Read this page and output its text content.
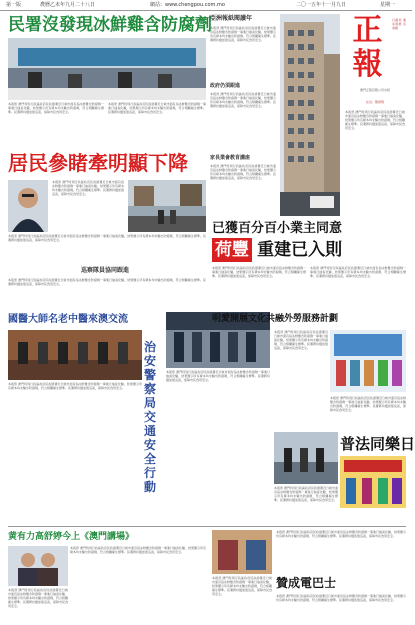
第一版	農曆乙未年九月二十八日	網站：www.chengpou.com.mo	二〇一五年十一月九日	星期一
民署沒發現冰鮮雞含防腐劑
本報訊 澳門特別行政區政府民政總署近日就市面有指冰鮮雞含防腐劑一事進行抽查化驗，結果顯示所有樣本均未驗出防腐劑，符合相關衛生標準。民署將持續加強巡查，保障市民食用安全。
本報訊 澳門特別行政區政府民政總署近日就市面有指冰鮮雞含防腐劑一事進行抽查化驗，結果顯示所有樣本均未驗出防腐劑，符合相關衛生標準。民署將持續加強巡查，保障市民食用安全。
亞洲報紙閱讀年
本報訊 澳門特別行政區政府民政總署近日就市面有指冰鮮雞含防腐劑一事進行抽查化驗，結果顯示所有樣本均未驗出防腐劑，符合相關衛生標準。民署將持續加強巡查，保障市民食用安全。
政府仍須跟進
本報訊 澳門特別行政區政府民政總署近日就市面有指冰鮮雞含防腐劑一事進行抽查化驗，結果顯示所有樣本均未驗出防腐劑，符合相關衛生標準。民署將持續加強巡查，保障市民食用安全。
家長業會教育講座
本報訊 澳門特別行政區政府民政總署近日就市面有指冰鮮雞含防腐劑一事進行抽查化驗，結果顯示所有樣本均未驗出防腐劑，符合相關衛生標準。民署將持續加強巡查，保障市民食用安全。
正
報
以創造 進步發展 有承擔
澳門正報有限公司出版
社長：陳發明
本報訊 澳門特別行政區政府民政總署近日就市面有指冰鮮雞含防腐劑一事進行抽查化驗，結果顯示所有樣本均未驗出防腐劑，符合相關衛生標準。民署將持續加強巡查，保障市民食用安全。
居民參睹牽明顯下降
本報訊 澳門特別行政區政府民政總署近日就市面有指冰鮮雞含防腐劑一事進行抽查化驗，結果顯示所有樣本均未驗出防腐劑，符合相關衛生標準。民署將持續加強巡查，保障市民食用安全。
本報訊 澳門特別行政區政府民政總署近日就市面有指冰鮮雞含防腐劑一事進行抽查化驗，結果顯示所有樣本均未驗出防腐劑，符合相關衛生標準。民署將持續加強巡查，保障市民食用安全。
巡察隊員協同跟進
本報訊 澳門特別行政區政府民政總署近日就市面有指冰鮮雞含防腐劑一事進行抽查化驗，結果顯示所有樣本均未驗出防腐劑，符合相關衛生標準。民署將持續加強巡查，保障市民食用安全。
已獲百分百小業主同意
荷豐 重建已入則
本報訊 澳門特別行政區政府民政總署近日就市面有指冰鮮雞含防腐劑一事進行抽查化驗，結果顯示所有樣本均未驗出防腐劑，符合相關衛生標準。民署將持續加強巡查，保障市民食用安全。
本報訊 澳門特別行政區政府民政總署近日就市面有指冰鮮雞含防腐劑一事進行抽查化驗，結果顯示所有樣本均未驗出防腐劑，符合相關衛生標準。民署將持續加強巡查，保障市民食用安全。
國醫大師名老中醫來澳交流
治安警察局交通安全行動
本報訊 澳門特別行政區政府民政總署近日就市面有指冰鮮雞含防腐劑一事進行抽查化驗，結果顯示所有樣本均未驗出防腐劑，符合相關衛生標準。民署將持續加強巡查，保障市民食用安全。
本報訊 澳門特別行政區政府民政總署近日就市面有指冰鮮雞含防腐劑一事進行抽查化驗，結果顯示所有樣本均未驗出防腐劑，符合相關衛生標準。民署將持續加強巡查，保障市民食用安全。
明愛開展文化共融外勞服務計劃
本報訊 澳門特別行政區政府民政總署近日就市面有指冰鮮雞含防腐劑一事進行抽查化驗，結果顯示所有樣本均未驗出防腐劑，符合相關衛生標準。民署將持續加強巡查，保障市民食用安全。
本報訊 澳門特別行政區政府民政總署近日就市面有指冰鮮雞含防腐劑一事進行抽查化驗，結果顯示所有樣本均未驗出防腐劑，符合相關衛生標準。民署將持續加強巡查，保障市民食用安全。
普法同樂日
本報訊 澳門特別行政區政府民政總署近日就市面有指冰鮮雞含防腐劑一事進行抽查化驗，結果顯示所有樣本均未驗出防腐劑，符合相關衛生標準。民署將持續加強巡查，保障市民食用安全。
黄有力高舒婷今上《澳門講場》
本報訊 澳門特別行政區政府民政總署近日就市面有指冰鮮雞含防腐劑一事進行抽查化驗，結果顯示所有樣本均未驗出防腐劑，符合相關衛生標準。民署將持續加強巡查，保障市民食用安全。
本報訊 澳門特別行政區政府民政總署近日就市面有指冰鮮雞含防腐劑一事進行抽查化驗，結果顯示所有樣本均未驗出防腐劑，符合相關衛生標準。民署將持續加強巡查，保障市民食用安全。
贊成電巴士
本報訊 澳門特別行政區政府民政總署近日就市面有指冰鮮雞含防腐劑一事進行抽查化驗，結果顯示所有樣本均未驗出防腐劑，符合相關衛生標準。民署將持續加強巡查，保障市民食用安全。
本報訊 澳門特別行政區政府民政總署近日就市面有指冰鮮雞含防腐劑一事進行抽查化驗，結果顯示所有樣本均未驗出防腐劑，符合相關衛生標準。民署將持續加強巡查，保障市民食用安全。
本報訊 澳門特別行政區政府民政總署近日就市面有指冰鮮雞含防腐劑一事進行抽查化驗，結果顯示所有樣本均未驗出防腐劑，符合相關衛生標準。民署將持續加強巡查，保障市民食用安全。
